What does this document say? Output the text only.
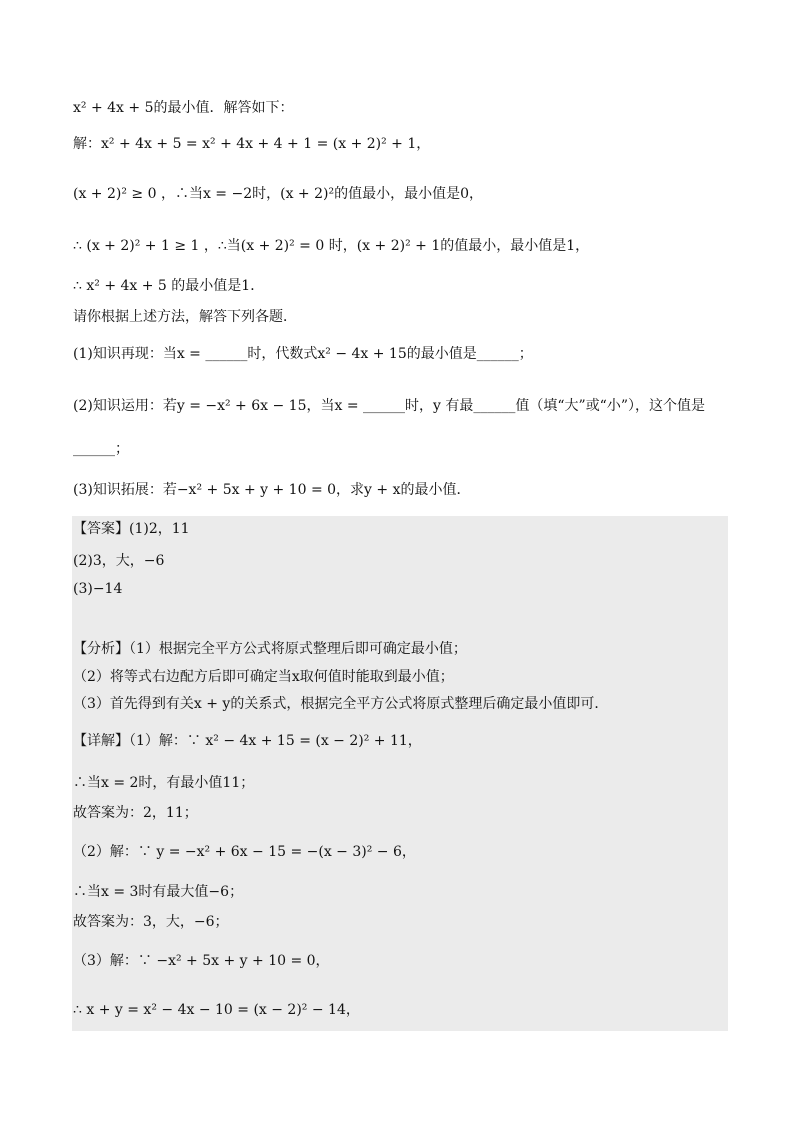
x² + 4x + 5的最小值．解答如下：
解：x² + 4x + 5 = x² + 4x + 4 + 1 = (x + 2)² + 1，
(x + 2)² ≥ 0 ，∴当x = −2时，(x + 2)²的值最小，最小值是0，
∴ (x + 2)² + 1 ≥ 1 ，∴当(x + 2)² = 0 时，(x + 2)² + 1的值最小，最小值是1，
∴ x² + 4x + 5 的最小值是1．
请你根据上述方法，解答下列各题．
(1)知识再现：当x = ______时，代数式x² − 4x + 15的最小值是______；
(2)知识运用：若y = −x² + 6x − 15，当x = ______时，y 有最______值（填“大”或“小”），这个值是
______；
(3)知识拓展：若−x² + 5x + y + 10 = 0，求y + x的最小值．
【答案】(1)2，11
(2)3，大，−6
(3)−14
【分析】（1）根据完全平方公式将原式整理后即可确定最小值；
（2）将等式右边配方后即可确定当x取何值时能取到最小值；
（3）首先得到有关x + y的关系式，根据完全平方公式将原式整理后确定最小值即可．
【详解】（1）解：∵ x² − 4x + 15 = (x − 2)² + 11，
∴当x = 2时，有最小值11；
故答案为：2，11；
（2）解：∵ y = −x² + 6x − 15 = −(x − 3)² − 6，
∴当x = 3时有最大值−6；
故答案为：3，大，−6；
（3）解：∵ −x² + 5x + y + 10 = 0，
∴ x + y = x² − 4x − 10 = (x − 2)² − 14，
